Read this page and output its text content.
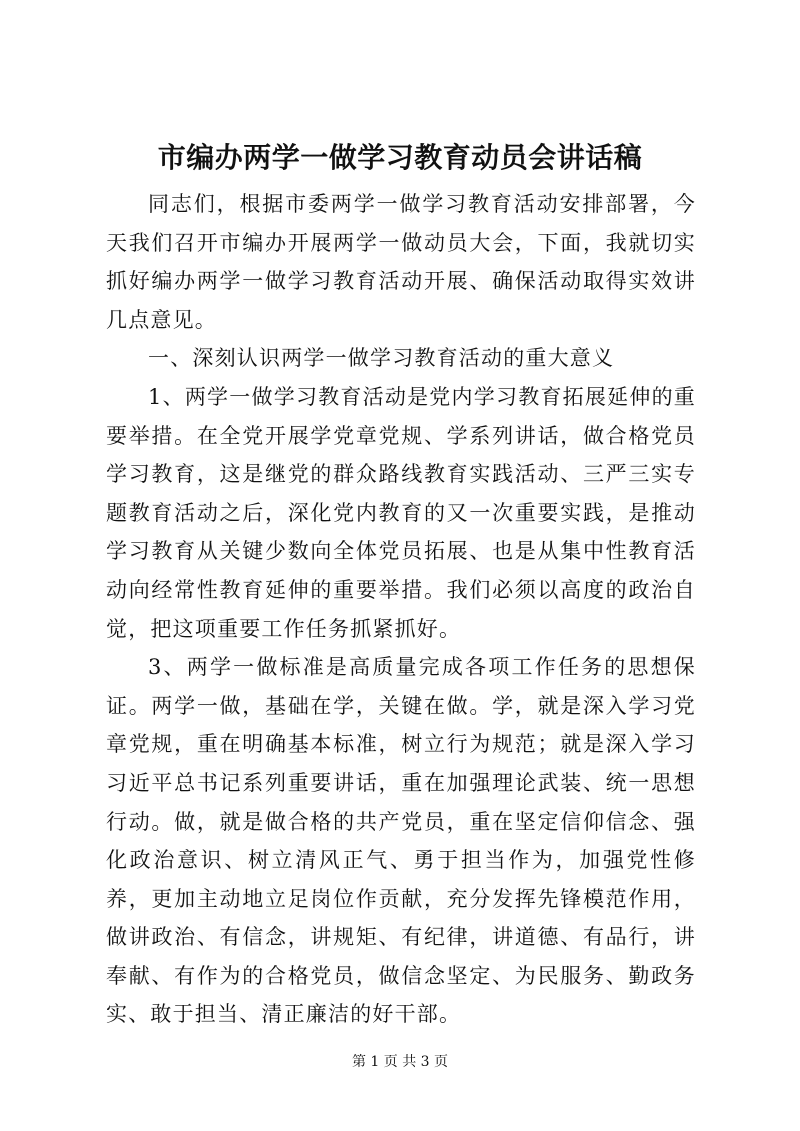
市编办两学一做学习教育动员会讲话稿

同志们，根据市委两学一做学习教育活动安排部署，今天我们召开市编办开展两学一做动员大会，下面，我就切实抓好编办两学一做学习教育活动开展、确保活动取得实效讲几点意见。

一、深刻认识两学一做学习教育活动的重大意义

1、两学一做学习教育活动是党内学习教育拓展延伸的重要举措。在全党开展学党章党规、学系列讲话，做合格党员学习教育，这是继党的群众路线教育实践活动、三严三实专题教育活动之后，深化党内教育的又一次重要实践，是推动学习教育从关键少数向全体党员拓展、也是从集中性教育活动向经常性教育延伸的重要举措。我们必须以高度的政治自觉，把这项重要工作任务抓紧抓好。

3、两学一做标准是高质量完成各项工作任务的思想保证。两学一做，基础在学，关键在做。学，就是深入学习党章党规，重在明确基本标准，树立行为规范；就是深入学习习近平总书记系列重要讲话，重在加强理论武装、统一思想行动。做，就是做合格的共产党员，重在坚定信仰信念、强化政治意识、树立清风正气、勇于担当作为，加强党性修养，更加主动地立足岗位作贡献，充分发挥先锋模范作用，做讲政治、有信念，讲规矩、有纪律，讲道德、有品行，讲奉献、有作为的合格党员，做信念坚定、为民服务、勤政务实、敢于担当、清正廉洁的好干部。

第 1 页 共 3 页
